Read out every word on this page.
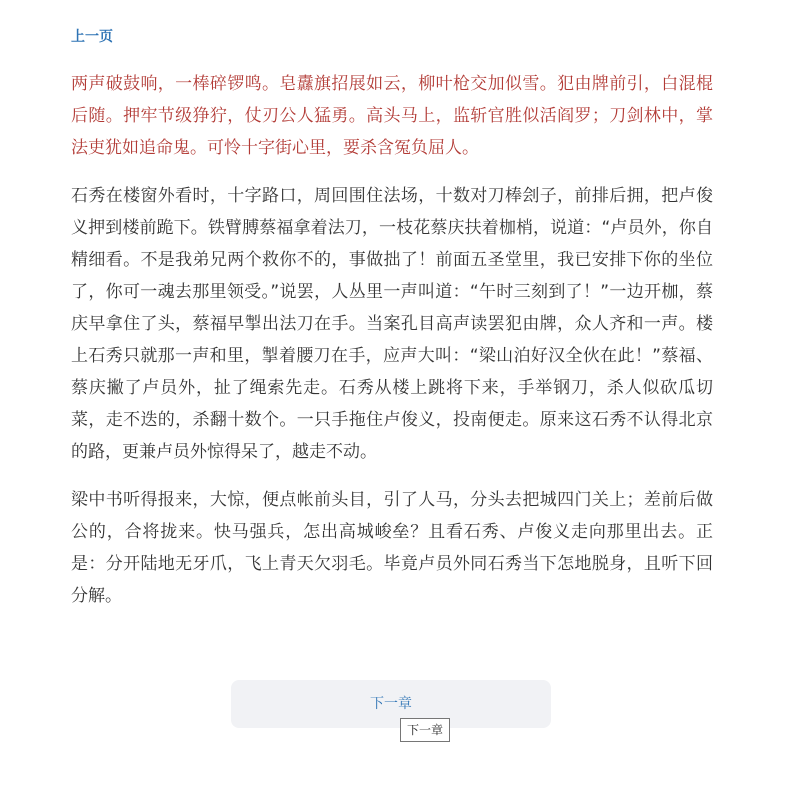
上一页

两声破鼓响，一棒碎锣鸣。皂纛旗招展如云，柳叶枪交加似雪。犯由牌前引，白混棍后随。押牢节级狰狞，仗刃公人猛勇。高头马上，监斩官胜似活阎罗；刀剑林中，掌法吏犹如追命鬼。可怜十字街心里，要杀含冤负屈人。

石秀在楼窗外看时，十字路口，周回围住法场，十数对刀棒刽子，前排后拥，把卢俊义押到楼前跪下。铁臂膊蔡福拿着法刀，一枝花蔡庆扶着枷梢，说道：“卢员外，你自精细看。不是我弟兄两个救你不的，事做拙了！前面五圣堂里，我已安排下你的坐位了，你可一魂去那里领受。”说罢，人丛里一声叫道：“午时三刻到了！”一边开枷，蔡庆早拿住了头，蔡福早掣出法刀在手。当案孔目高声读罢犯由牌，众人齐和一声。楼上石秀只就那一声和里，掣着腰刀在手，应声大叫：“梁山泊好汉全伙在此！”蔡福、蔡庆撇了卢员外，扯了绳索先走。石秀从楼上跳将下来，手举钢刀，杀人似砍瓜切菜，走不迭的，杀翻十数个。一只手拖住卢俊义，投南便走。原来这石秀不认得北京的路，更兼卢员外惊得呆了，越走不动。

梁中书听得报来，大惊，便点帐前头目，引了人马，分头去把城四门关上；差前后做公的，合将拢来。快马强兵，怎出高城峻垒？且看石秀、卢俊义走向那里出去。正是：分开陆地无牙爪，飞上青天欠羽毛。毕竟卢员外同石秀当下怎地脱身，且听下回分解。

下一章
下一章
